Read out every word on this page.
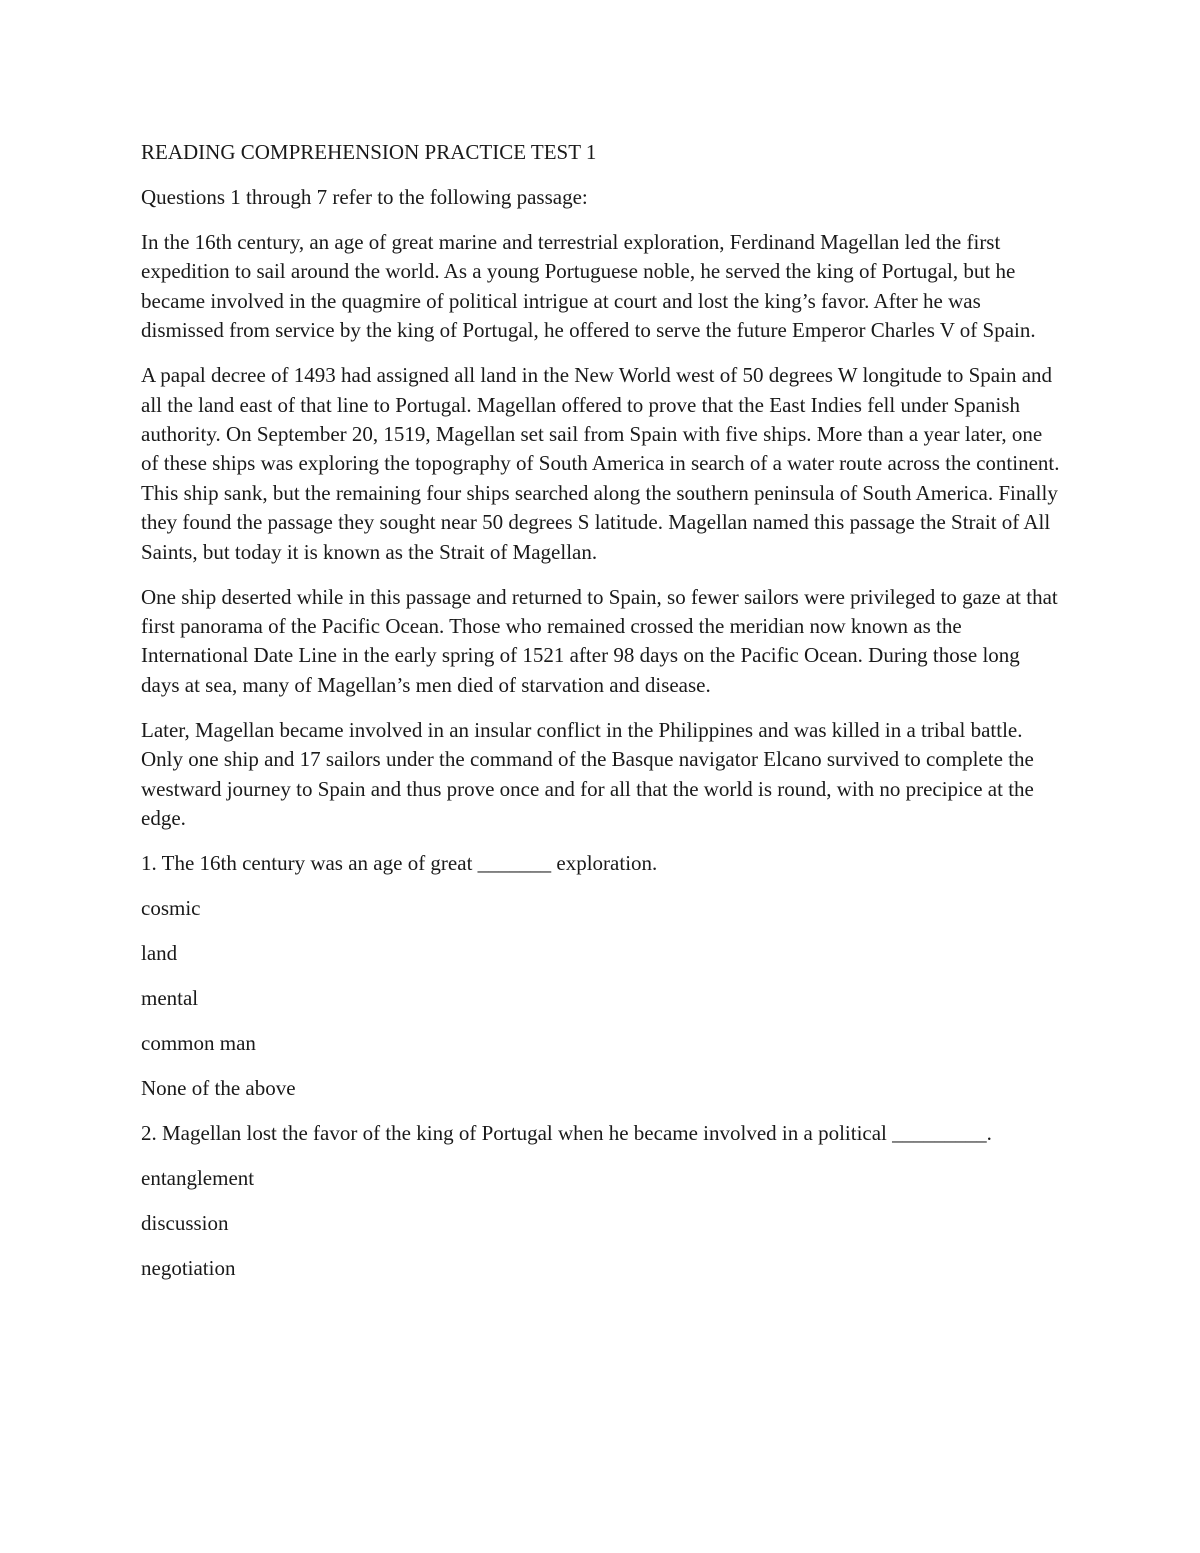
READING COMPREHENSION PRACTICE TEST 1

Questions 1 through 7 refer to the following passage:

In the 16th century, an age of great marine and terrestrial exploration, Ferdinand Magellan led the first expedition to sail around the world. As a young Portuguese noble, he served the king of Portugal, but he became involved in the quagmire of political intrigue at court and lost the king’s favor. After he was dismissed from service by the king of Portugal, he offered to serve the future Emperor Charles V of Spain.

A papal decree of 1493 had assigned all land in the New World west of 50 degrees W longitude to Spain and all the land east of that line to Portugal. Magellan offered to prove that the East Indies fell under Spanish authority. On September 20, 1519, Magellan set sail from Spain with five ships. More than a year later, one of these ships was exploring the topography of South America in search of a water route across the continent. This ship sank, but the remaining four ships searched along the southern peninsula of South America. Finally they found the passage they sought near 50 degrees S latitude. Magellan named this passage the Strait of All Saints, but today it is known as the Strait of Magellan.

One ship deserted while in this passage and returned to Spain, so fewer sailors were privileged to gaze at that first panorama of the Pacific Ocean. Those who remained crossed the meridian now known as the International Date Line in the early spring of 1521 after 98 days on the Pacific Ocean. During those long days at sea, many of Magellan’s men died of starvation and disease.

Later, Magellan became involved in an insular conflict in the Philippines and was killed in a tribal battle. Only one ship and 17 sailors under the command of the Basque navigator Elcano survived to complete the westward journey to Spain and thus prove once and for all that the world is round, with no precipice at the edge.

1. The 16th century was an age of great _______ exploration.

cosmic

land

mental

common man

None of the above

2. Magellan lost the favor of the king of Portugal when he became involved in a political _________.

entanglement

discussion

negotiation
